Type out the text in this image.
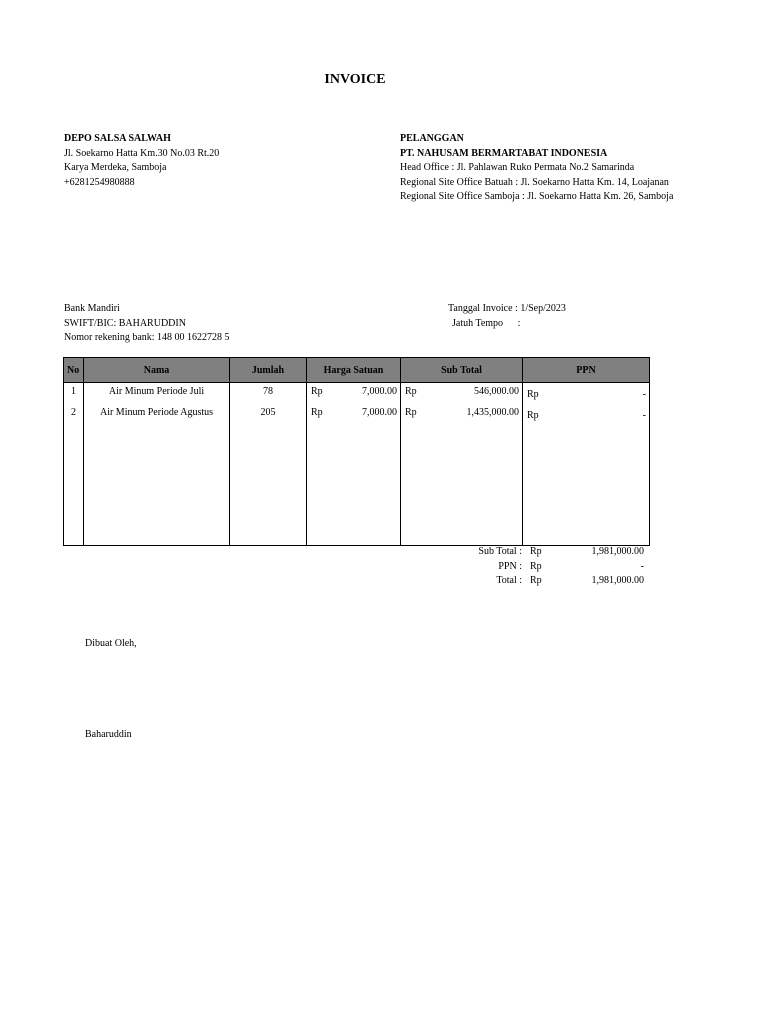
INVOICE
DEPO SALSA SALWAH
Jl. Soekarno Hatta Km.30 No.03 Rt.20
Karya Merdeka, Samboja
+6281254980888
PELANGGAN
PT. NAHUSAM BERMARTABAT INDONESIA
Head Office : Jl. Pahlawan Ruko Permata No.2 Samarinda
Regional Site Office Batuah : Jl. Soekarno Hatta Km. 14, Loajanan
Regional Site Office Samboja : Jl. Soekarno Hatta Km. 26, Samboja
Bank Mandiri
SWIFT/BIC: BAHARUDDIN
Nomor rekening bank: 148 00 1622728 5
Tanggal Invoice : 1/Sep/2023
Jatuh Tempo :
No	Nama	Jumlah	Harga Satuan	Sub Total	PPN

1	Air Minum Periode Juli	78	Rp 7,000.00	Rp 546,000.00	Rp -

2	Air Minum Periode Agustus	205	Rp 7,000.00	Rp 1,435,000.00	Rp -

Sub Total : Rp	1,981,000.00
PPN : Rp	-
Total : Rp	1,981,000.00
Dibuat Oleh,
Baharuddin
